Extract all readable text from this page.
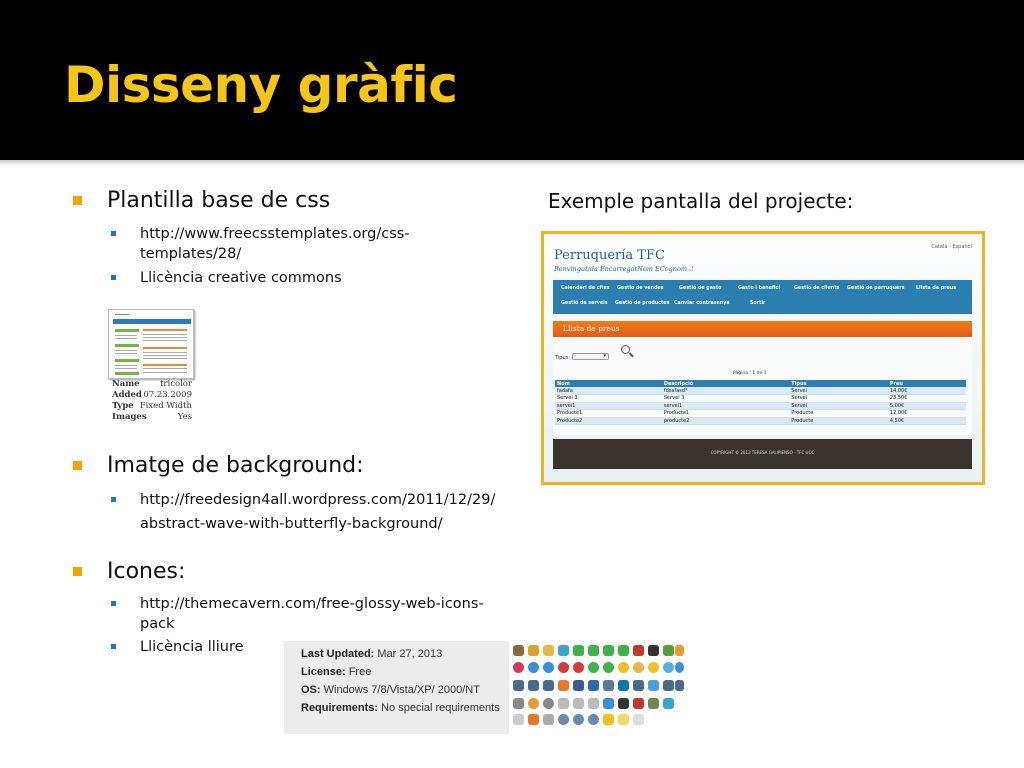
Disseny gràfic
Plantilla base de css
http://www.freecsstemplates.org/css-
templates/28/
Llicència creative commons
Name tricolor
Added 07.23.2009
Type Fixed Width
Images	Yes
Imatge de background:
http://freedesign4all.wordpress.com/2011/12/29/
abstract-wave-with-butterfly-background/
Icones:
http://themecavern.com/free-glossy-web-icons-
pack
Llicència lliure
Exemple pantalla del projecte:
Català - Español
Perruquería TFC
Benvingut/da EncarregatNom ECognom..!
Calendari de cites Gestió de vendes	Gestió de gasto	Gasto i beneficí	Gestió de clients Gestió de perruquers Llista de preus
Gestió de serveis Gestió de productes Canviar contrasenya	Sortir
Llista de preus
Tipus:	▾
Pàgina : 1 de 1
Nom	Descripció	Tipus	Preu
fadafa	fdsafasd*	Servei	14,00€
Servei 3	Servei 3	Servei	23,50€
servei1	servei1	Servei	5,00€
Producte1	Producte1	Producte	12,00€
Producte2	producte2	Producte	4,50€
COPYRIGHT © 2013 TERESA GALIPIENSO - TFC UOC
Last Updated: Mar 27, 2013
License: Free
OS: Windows 7/8/Vista/XP/ 2000/NT
Requirements: No special requirements
